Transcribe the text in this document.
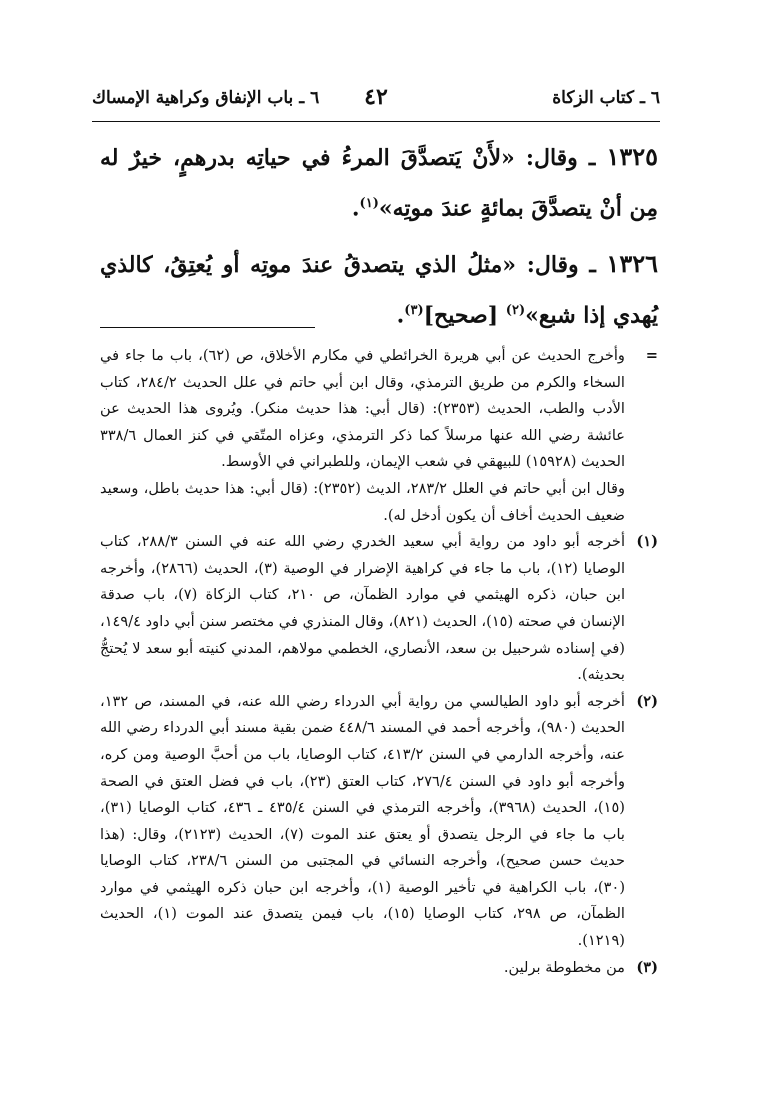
٦ ـ كتاب الزكاة
٤٢
٦ ـ باب الإنفاق وكراهية الإمساك

١٣٢٥ ـ وقال: «لأَنْ يَتصدَّقَ المرءُ في حياتِه بدرهمٍ، خيرٌ له مِن أنْ يتصدَّقَ بمائةٍ عندَ موتِه»$^{(١)}$.

١٣٢٦ ـ وقال: «مثلُ الذي يتصدقُ عندَ موتِه أو يُعتِقُ، كالذي يُهدي إذا شبع»$^{(٢)}$ [صحيح]$^{(٣)}$.

=

وأخرج الحديث عن أبي هريرة الخرائطي في مكارم الأخلاق، ص (٦٢)، باب ما جاء في السخاء والكرم من طريق الترمذي، وقال ابن أبي حاتم في علل الحديث ٢٨٤/٢، كتاب الأدب والطب، الحديث (٢٣٥٣): (قال أبي: هذا حديث منكر). ويُروى هذا الحديث عن عائشة رضي الله عنها مرسلاً كما ذكر الترمذي، وعزاه المتّقي في كنز العمال ٣٣٨/٦ الحديث (١٥٩٢٨) للبيهقي في شعب الإيمان، وللطبراني في الأوسط.

وقال ابن أبي حاتم في العلل ٢٨٣/٢، الديث (٢٣٥٢): (قال أبي: هذا حديث باطل، وسعيد ضعيف الحديث أخاف أن يكون أدخل له).

(١)

أخرجه أبو داود من رواية أبي سعيد الخدري رضي الله عنه في السنن ٢٨٨/٣، كتاب الوصايا (١٢)، باب ما جاء في كراهية الإضرار في الوصية (٣)، الحديث (٢٨٦٦)، وأخرجه ابن حبان، ذكره الهيثمي في موارد الظمآن، ص ٢١٠، كتاب الزكاة (٧)، باب صدقة الإنسان في صحته (١٥)، الحديث (٨٢١)، وقال المنذري في مختصر سنن أبي داود ١٤٩/٤، (في إسناده شرحبيل بن سعد، الأنصاري، الخطمي مولاهم، المدني كنيته أبو سعد لا يُحتجُّ بحديثه).

(٢)

أخرجه أبو داود الطيالسي من رواية أبي الدرداء رضي الله عنه، في المسند، ص ١٣٢، الحديث (٩٨٠)، وأخرجه أحمد في المسند ٤٤٨/٦ ضمن بقية مسند أبي الدرداء رضي الله عنه، وأخرجه الدارمي في السنن ٤١٣/٢، كتاب الوصايا، باب من أحبَّ الوصية ومن كره، وأخرجه أبو داود في السنن ٢٧٦/٤، كتاب العتق (٢٣)، باب في فضل العتق في الصحة (١٥)، الحديث (٣٩٦٨)، وأخرجه الترمذي في السنن ٤٣٥/٤ ـ ٤٣٦، كتاب الوصايا (٣١)، باب ما جاء في الرجل يتصدق أو يعتق عند الموت (٧)، الحديث (٢١٢٣)، وقال: (هذا حديث حسن صحيح)، وأخرجه النسائي في المجتبى من السنن ٢٣٨/٦، كتاب الوصايا (٣٠)، باب الكراهية في تأخير الوصية (١)، وأخرجه ابن حبان ذكره الهيثمي في موارد الظمآن، ص ٢٩٨، كتاب الوصايا (١٥)، باب فيمن يتصدق عند الموت (١)، الحديث (١٢١٩).

(٣)

من مخطوطة برلين.
